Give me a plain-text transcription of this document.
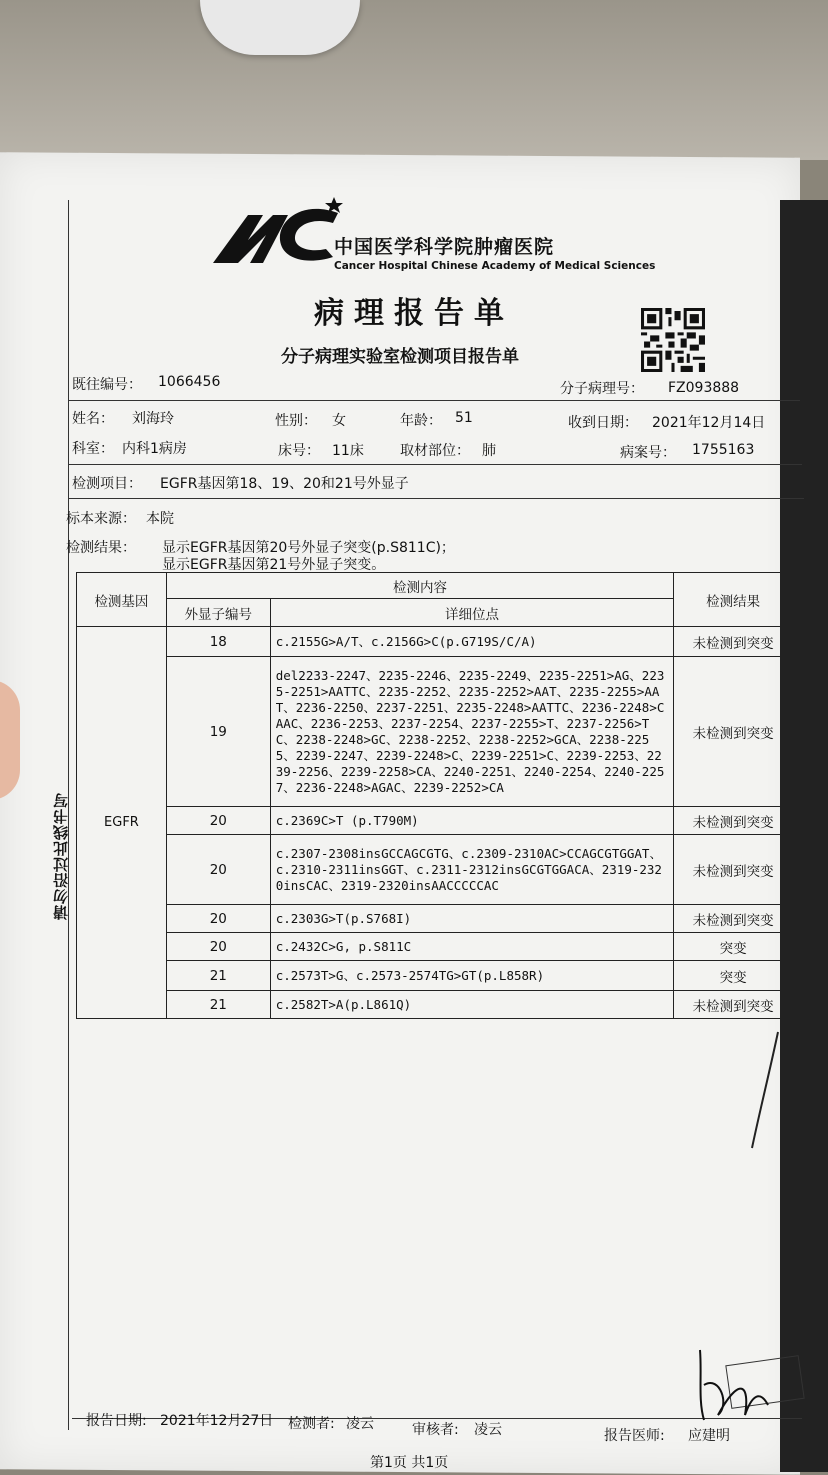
请勿沿过此线书写
中国医学科学院肿瘤医院
Cancer Hospital Chinese Academy of Medical Sciences
病理报告单
分子病理实验室检测项目报告单
既往编号： 1066456	分子病理号： FZ093888
姓名： 刘海玲	性别： 女	年龄： 51	收到日期： 2021年12月14日
科室： 内科1病房	床号： 11床	取材部位： 肺	病案号： 1755163
检测项目： EGFR基因第18、19、20和21号外显子
标本来源： 本院
检测结果： 显示EGFR基因第20号外显子突变(p.S811C)；
显示EGFR基因第21号外显子突变。
检测基因	检测内容		检测结果
	外显子编号	详细位点	
EGFR	18	c.2155G>A/T、c.2156G>C(p.G719S/C/A)	未检测到突变
	19	del2233-2247、2235-2246、2235-2249、2235-2251>AG、2235-2251>AATTC、2235-2252、2235-2252>AAT、2235-2255>AAT、2236-2250、2237-2251、2235-2248>AATTC、2236-2248>CAAC、2236-2253、2237-2254、2237-2255>T、2237-2256>TC、2238-2248>GC、2238-2252、2238-2252>GCA、2238-2255、2239-2247、2239-2248>C、2239-2251>C、2239-2253、2239-2256、2239-2258>CA、2240-2251、2240-2254、2240-2257、2236-2248>AGAC、2239-2252>CA	未检测到突变
	20	c.2369C>T (p.T790M)	未检测到突变
	20	c.2307-2308insGCCAGCGTG、c.2309-2310AC>CCAGCGTGGAT、c.2310-2311insGGT、c.2311-2312insGCGTGGACA、2319-2320insCAC、2319-2320insAACCCCCAC	未检测到突变
	20	c.2303G>T(p.S768I)	未检测到突变
	20	c.2432C>G, p.S811C	突变
	21	c.2573T>G、c.2573-2574TG>GT(p.L858R)	突变
	21	c.2582T>A(p.L861Q)	未检测到突变
报告日期: 2021年12月27日 检测者: 凌云	审核者: 凌云	报告医师: 应建明
第1页 共1页
